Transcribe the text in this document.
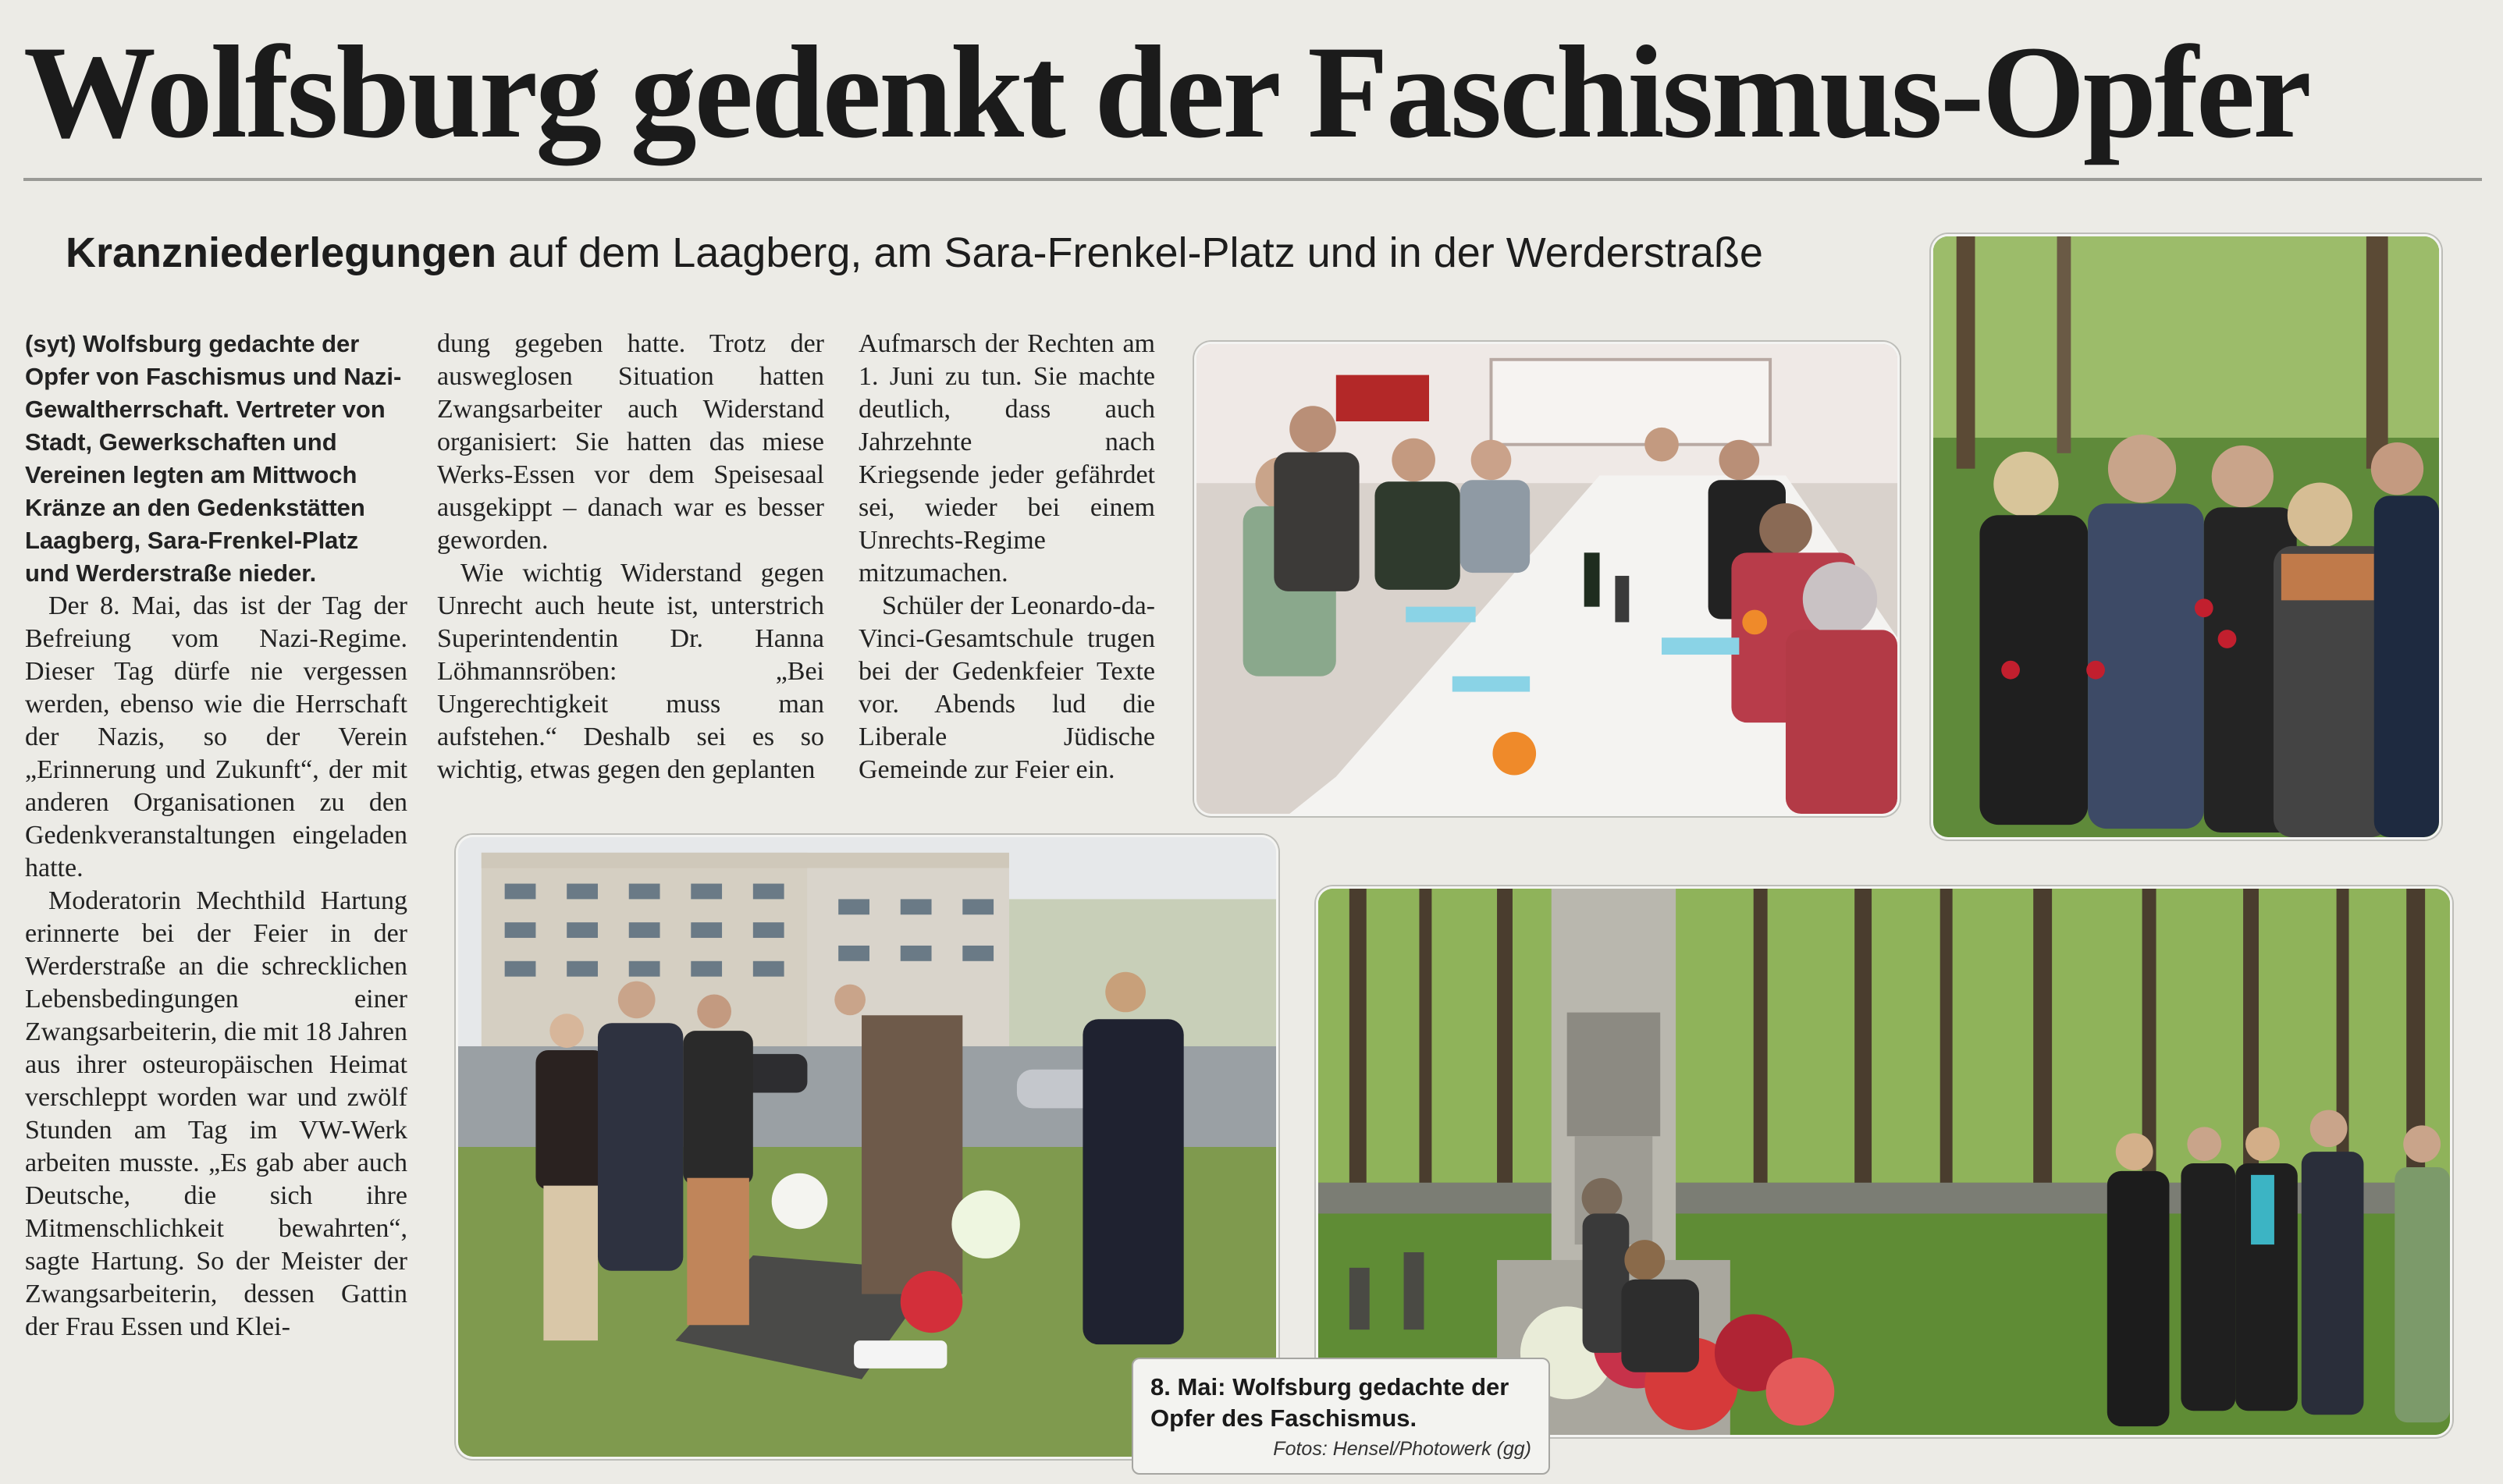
Wolfsburg gedenkt der Faschismus-Opfer
Kranzniederlegungen auf dem Laagberg, am Sara-Frenkel-Platz und in der Werderstraße

(syt) Wolfsburg gedachte der Opfer von Faschismus und Nazi-Gewaltherrschaft. Vertreter von Stadt, Gewerkschaften und Vereinen legten am Mittwoch Kränze an den Gedenkstätten Laagberg, Sara-Frenkel-Platz und Werderstraße nieder.

Der 8. Mai, das ist der Tag der Befreiung vom Nazi-Regime. Dieser Tag dürfe nie vergessen werden, ebenso wie die Herrschaft der Nazis, so der Verein „Erinnerung und Zukunft“, der mit anderen Organisationen zu den Gedenkveranstaltungen eingeladen hatte.

Moderatorin Mechthild Hartung erinnerte bei der Feier in der Werderstraße an die schrecklichen Lebensbedingungen einer Zwangsarbeiterin, die mit 18 Jahren aus ihrer osteuropäischen Heimat verschleppt worden war und zwölf Stunden am Tag im VW-Werk arbeiten musste. „Es gab aber auch Deutsche, die sich ihre Mitmenschlichkeit bewahrten“, sagte Hartung. So der Meister der Zwangsarbeiterin, dessen Gattin der Frau Essen und Klei-

dung gegeben hatte. Trotz der ausweglosen Situation hatten Zwangsarbeiter auch Widerstand organisiert: Sie hatten das miese Werks-Essen vor dem Speisesaal ausgekippt – danach war es besser geworden.

Wie wichtig Widerstand gegen Unrecht auch heute ist, unterstrich Superintendentin Dr. Hanna Löhmannsröben: „Bei Ungerechtigkeit muss man aufstehen.“ Deshalb sei es so wichtig, etwas gegen den geplanten

Aufmarsch der Rechten am 1. Juni zu tun. Sie machte deutlich, dass auch Jahrzehnte nach Kriegsende jeder gefährdet sei, wieder bei einem Unrechts-Regime mitzumachen.

Schüler der Leonardo-da-Vinci-Gesamtschule trugen bei der Gedenkfeier Texte vor. Abends lud die Liberale Jüdische Gemeinde zur Feier ein.

8. Mai: Wolfsburg gedachte der Opfer des Faschismus.
Fotos: Hensel/Photowerk (gg)
